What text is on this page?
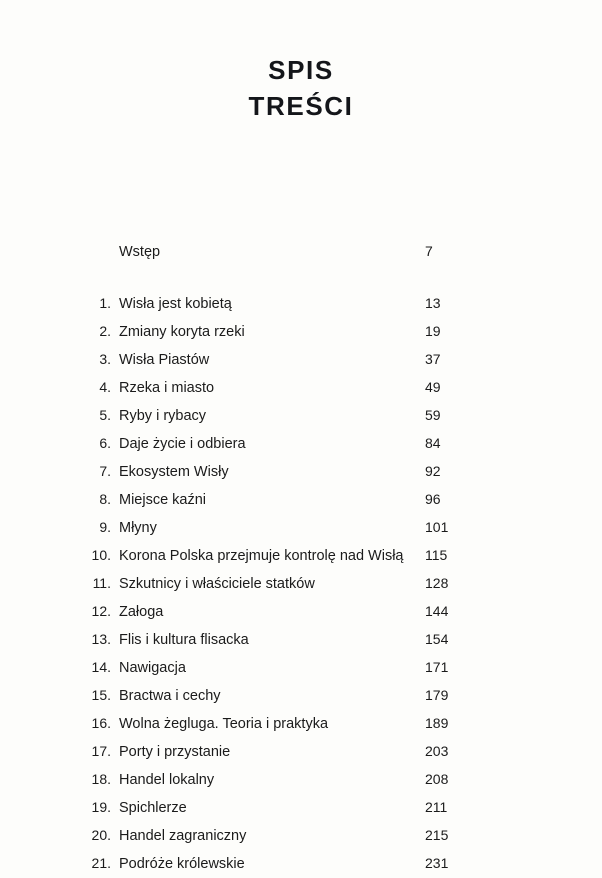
SPIS
TREŚCI
Wstęp	7
1. Wisła jest kobietą	13
2. Zmiany koryta rzeki	19
3. Wisła Piastów	37
4. Rzeka i miasto	49
5. Ryby i rybacy	59
6. Daje życie i odbiera	84
7. Ekosystem Wisły	92
8. Miejsce kaźni	96
9. Młyny	101
10. Korona Polska przejmuje kontrolę nad Wisłą	115
11. Szkutnicy i właściciele statków	128
12. Załoga	144
13. Flis i kultura flisacka	154
14. Nawigacja	171
15. Bractwa i cechy	179
16. Wolna żegluga. Teoria i praktyka	189
17. Porty i przystanie	203
18. Handel lokalny	208
19. Spichlerze	211
20. Handel zagraniczny	215
21. Podróże królewskie	231
